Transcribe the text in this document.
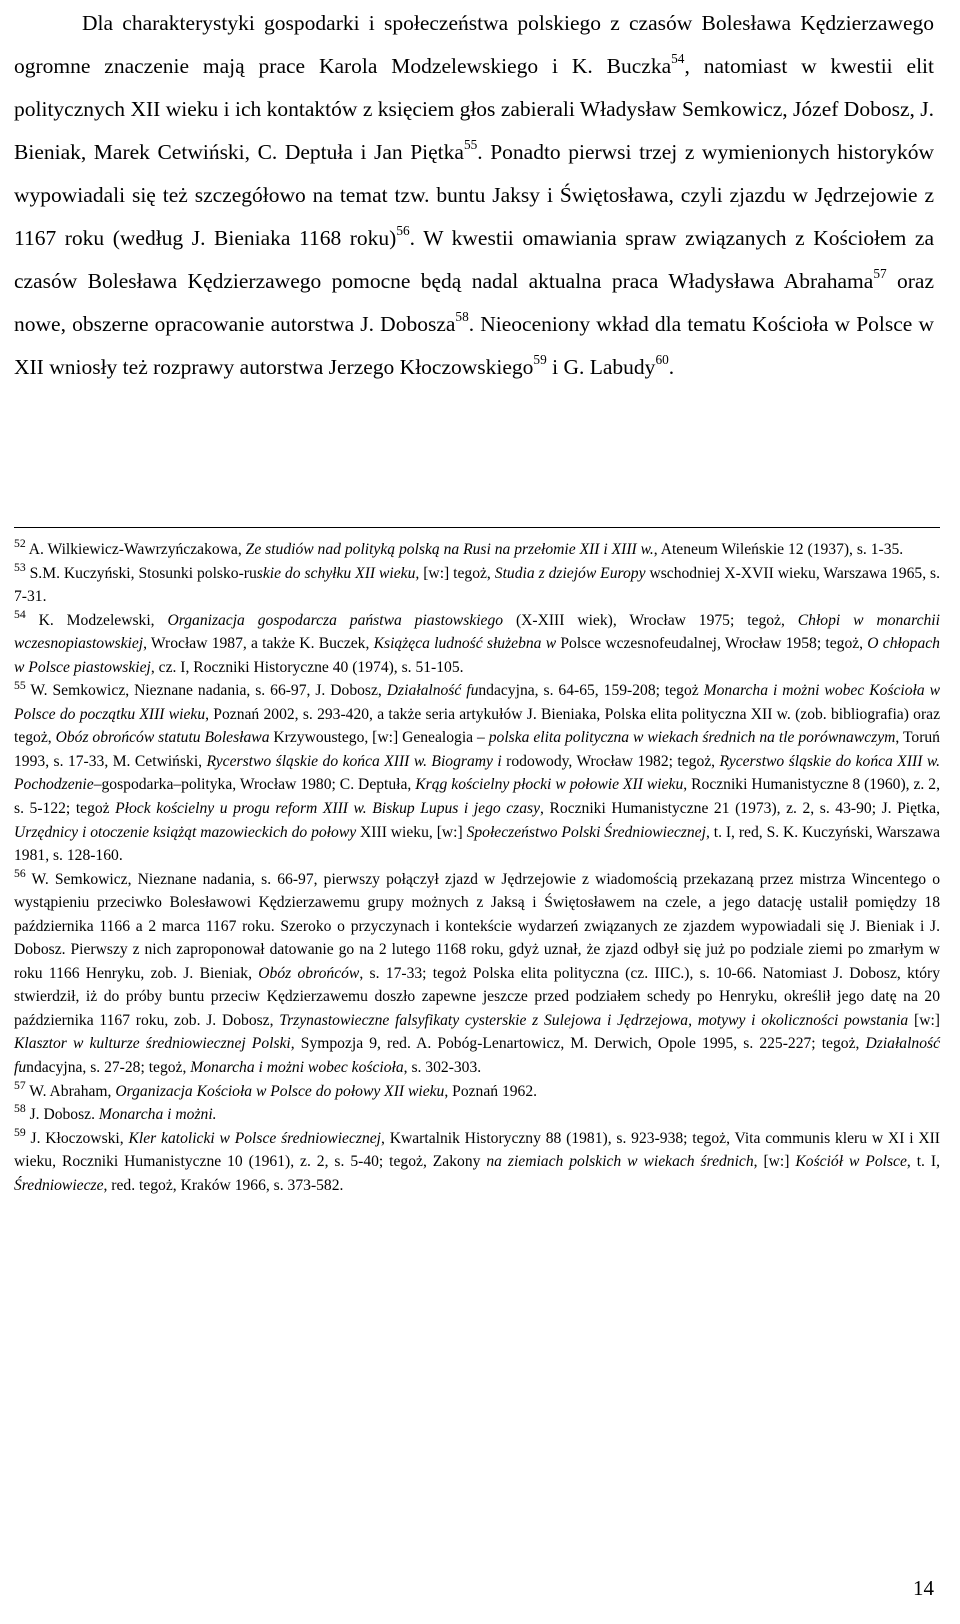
Dla charakterystyki gospodarki i społeczeństwa polskiego z czasów Bolesława Kędzierzawego ogromne znaczenie mają prace Karola Modzelewskiego i K. Buczka$^{54}$, natomiast w kwestii elit politycznych XII wieku i ich kontaktów z księciem głos zabierali Władysław Semkowicz, Józef Dobosz, J. Bieniak, Marek Cetwiński, C. Deptuła i Jan Piętka$^{55}$. Ponadto pierwsi trzej z wymienionych historyków wypowiadali się też szczegółowo na temat tzw. buntu Jaksy i Świętosława, czyli zjazdu w Jędrzejowie z 1167 roku (według J. Bieniaka 1168 roku)$^{56}$. W kwestii omawiania spraw związanych z Kościołem za czasów Bolesława Kędzierzawego pomocne będą nadal aktualna praca Władysława Abrahama$^{57}$ oraz nowe, obszerne opracowanie autorstwa J. Dobosza$^{58}$. Nieoceniony wkład dla tematu Kościoła w Polsce w XII wniosły też rozprawy autorstwa Jerzego Kłoczowskiego$^{59}$ i G. Labudy$^{60}$.

$^{52}$ A. Wilkiewicz-Wawrzyńczakowa, Ze studiów nad polityką polską na Rusi na przełomie XII i XIII w., Ateneum Wileńskie 12 (1937), s. 1-35.

$^{53}$ S.M. Kuczyński, Stosunki polsko-ruskie do schyłku XII wieku, [w:] tegoż, Studia z dziejów Europy wschodniej X-XVII wieku, Warszawa 1965, s. 7-31.

$^{54}$ K. Modzelewski, Organizacja gospodarcza państwa piastowskiego (X-XIII wiek), Wrocław 1975; tegoż, Chłopi w monarchii wczesnopiastowskiej, Wrocław 1987, a także K. Buczek, Książęca ludność służebna w Polsce wczesnofeudalnej, Wrocław 1958; tegoż, O chłopach w Polsce piastowskiej, cz. I, Roczniki Historyczne 40 (1974), s. 51-105.

$^{55}$ W. Semkowicz, Nieznane nadania, s. 66-97, J. Dobosz, Działalność fundacyjna, s. 64-65, 159-208; tegoż Monarcha i możni wobec Kościoła w Polsce do początku XIII wieku, Poznań 2002, s. 293-420, a także seria artykułów J. Bieniaka, Polska elita polityczna XII w. (zob. bibliografia) oraz tegoż, Obóz obrońców statutu Bolesława Krzywoustego, [w:] Genealogia – polska elita polityczna w wiekach średnich na tle porównawczym, Toruń 1993, s. 17-33, M. Cetwiński, Rycerstwo śląskie do końca XIII w. Biogramy i rodowody, Wrocław 1982; tegoż, Rycerstwo śląskie do końca XIII w. Pochodzenie–gospodarka–polityka, Wrocław 1980; C. Deptuła, Krąg kościelny płocki w połowie XII wieku, Roczniki Humanistyczne 8 (1960), z. 2, s. 5-122; tegoż Płock kościelny u progu reform XIII w. Biskup Lupus i jego czasy, Roczniki Humanistyczne 21 (1973), z. 2, s. 43-90; J. Piętka, Urzędnicy i otoczenie książąt mazowieckich do połowy XIII wieku, [w:] Społeczeństwo Polski Średniowiecznej, t. I, red, S. K. Kuczyński, Warszawa 1981, s. 128-160.

$^{56}$ W. Semkowicz, Nieznane nadania, s. 66-97, pierwszy połączył zjazd w Jędrzejowie z wiadomością przekazaną przez mistrza Wincentego o wystąpieniu przeciwko Bolesławowi Kędzierzawemu grupy możnych z Jaksą i Świętosławem na czele, a jego datację ustalił pomiędzy 18 października 1166 a 2 marca 1167 roku. Szeroko o przyczynach i kontekście wydarzeń związanych ze zjazdem wypowiadali się J. Bieniak i J. Dobosz. Pierwszy z nich zaproponował datowanie go na 2 lutego 1168 roku, gdyż uznał, że zjazd odbył się już po podziale ziemi po zmarłym w roku 1166 Henryku, zob. J. Bieniak, Obóz obrońców, s. 17-33; tegoż Polska elita polityczna (cz. IIIC.), s. 10-66. Natomiast J. Dobosz, który stwierdził, iż do próby buntu przeciw Kędzierzawemu doszło zapewne jeszcze przed podziałem schedy po Henryku, określił jego datę na 20 października 1167 roku, zob. J. Dobosz, Trzynastowieczne falsyfikaty cysterskie z Sulejowa i Jędrzejowa, motywy i okoliczności powstania [w:] Klasztor w kulturze średniowiecznej Polski, Sympozja 9, red. A. Pobóg-Lenartowicz, M. Derwich, Opole 1995, s. 225-227; tegoż, Działalność fundacyjna, s. 27-28; tegoż, Monarcha i możni wobec kościoła, s. 302-303.

$^{57}$ W. Abraham, Organizacja Kościoła w Polsce do połowy XII wieku, Poznań 1962.

$^{58}$ J. Dobosz. Monarcha i możni.

$^{59}$ J. Kłoczowski, Kler katolicki w Polsce średniowiecznej, Kwartalnik Historyczny 88 (1981), s. 923-938; tegoż, Vita communis kleru w XI i XII wieku, Roczniki Humanistyczne 10 (1961), z. 2, s. 5-40; tegoż, Zakony na ziemiach polskich w wiekach średnich, [w:] Kościół w Polsce, t. I, Średniowiecze, red. tegoż, Kraków 1966, s. 373-582.

14
